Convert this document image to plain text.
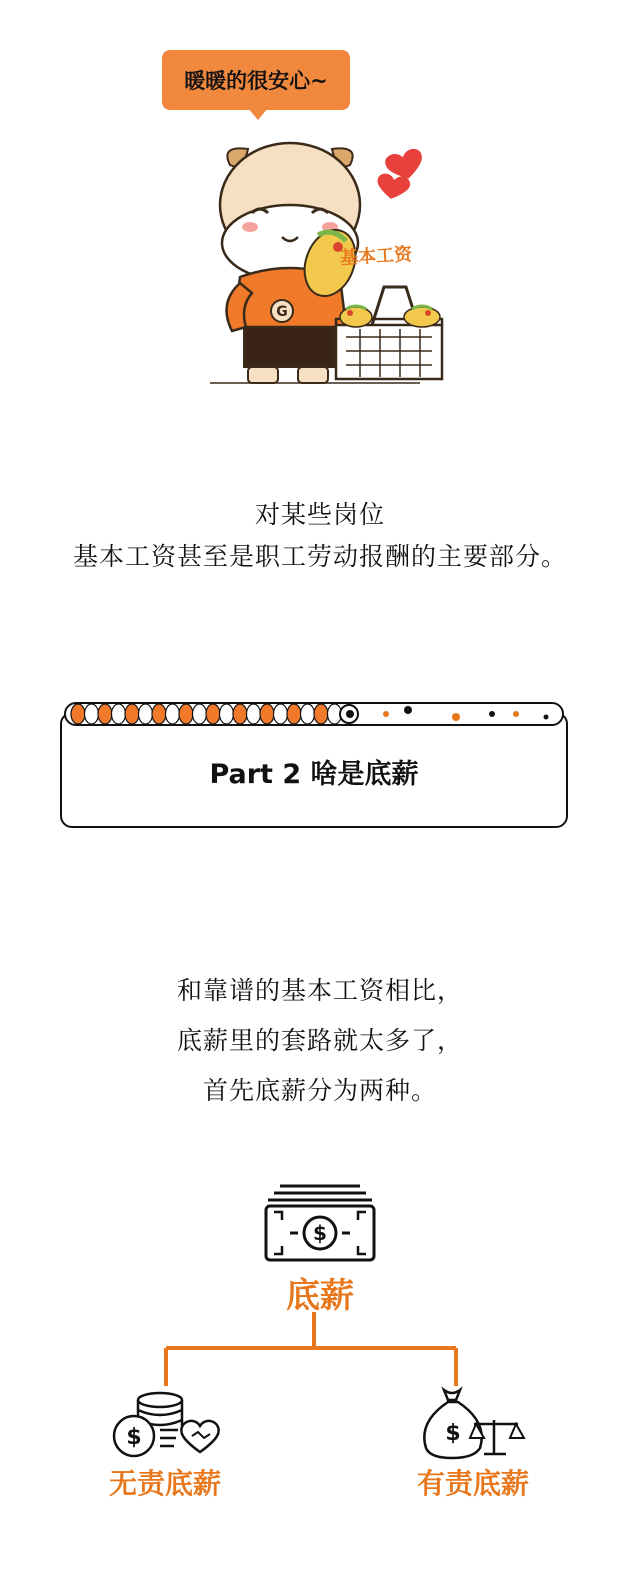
暖暖的很安心~
G
基本工资
对某些岗位
基本工资甚至是职工劳动报酬的主要部分。
Part 2 啥是底薪
和靠谱的基本工资相比，
底薪里的套路就太多了，
首先底薪分为两种。
$
底薪
$	$
无责底薪	有责底薪
